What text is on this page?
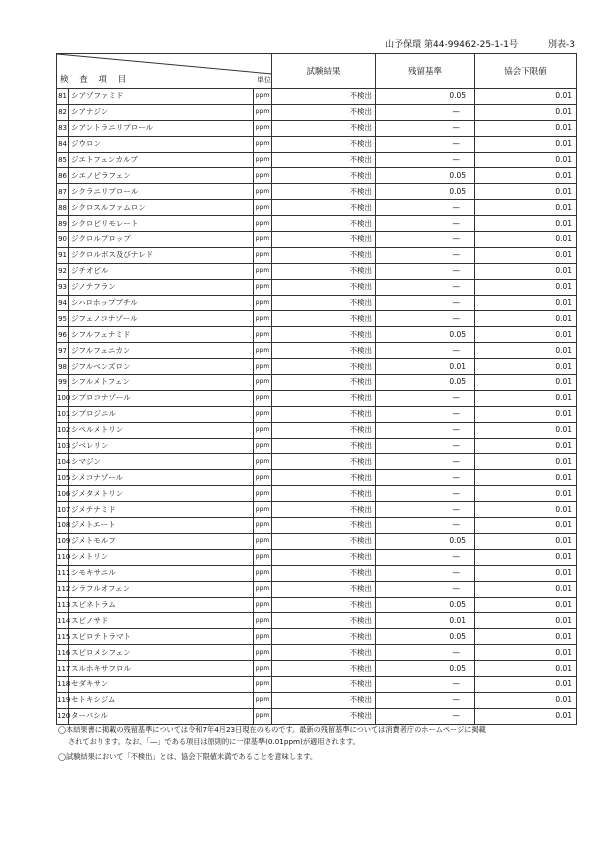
山予保環 第44-99462-25-1-1号	別表-3
検 査 項 目 単位			試験結果	残留基準	協会下限値
81	シアゾファミド	ppm	不検出	0.05	0.01
82	シアナジン	ppm	不検出	—	0.01
83	シアントラニリプロール	ppm	不検出	—	0.01
84	ジウロン	ppm	不検出	—	0.01
85	ジエトフェンカルブ	ppm	不検出	—	0.01
86	シエノピラフェン	ppm	不検出	0.05	0.01
87	シクラニリプロール	ppm	不検出	0.05	0.01
88	シクロスルファムロン	ppm	不検出	—	0.01
89	シクロピリモレート	ppm	不検出	—	0.01
90	ジクロルプロップ	ppm	不検出	—	0.01
91	ジクロルボス及びナレド	ppm	不検出	—	0.01
92	ジチオピル	ppm	不検出	—	0.01
93	ジノテフラン	ppm	不検出	—	0.01
94	シハロホップブチル	ppm	不検出	—	0.01
95	ジフェノコナゾール	ppm	不検出	—	0.01
96	シフルフェナミド	ppm	不検出	0.05	0.01
97	ジフルフェニカン	ppm	不検出	—	0.01
98	ジフルベンズロン	ppm	不検出	0.01	0.01
99	シフルメトフェン	ppm	不検出	0.05	0.01
100	シプロコナゾール	ppm	不検出	—	0.01
101	シプロジニル	ppm	不検出	—	0.01
102	シペルメトリン	ppm	不検出	—	0.01
103	ジベレリン	ppm	不検出	—	0.01
104	シマジン	ppm	不検出	—	0.01
105	シメコナゾール	ppm	不検出	—	0.01
106	ジメタメトリン	ppm	不検出	—	0.01
107	ジメテナミド	ppm	不検出	—	0.01
108	ジメトエート	ppm	不検出	—	0.01
109	ジメトモルフ	ppm	不検出	0.05	0.01
110	シメトリン	ppm	不検出	—	0.01
111	シモキサニル	ppm	不検出	—	0.01
112	シラフルオフェン	ppm	不検出	—	0.01
113	スピネトラム	ppm	不検出	0.05	0.01
114	スピノサド	ppm	不検出	0.01	0.01
115	スピロテトラマト	ppm	不検出	0.05	0.01
116	スピロメシフェン	ppm	不検出	—	0.01
117	スルホキサフロル	ppm	不検出	0.05	0.01
118	セダキサン	ppm	不検出	—	0.01
119	セトキシジム	ppm	不検出	—	0.01
120	ターバシル	ppm	不検出	—	0.01

◯本結果書に掲載の残留基準については令和7年4月23日現在のものです。最新の残留基準については消費者庁のホームページに掲載

されております。なお、「―」である項目は原則的に一律基準(0.01ppm)が適用されます。

◯試験結果において「不検出」とは、協会下限値未満であることを意味します。
